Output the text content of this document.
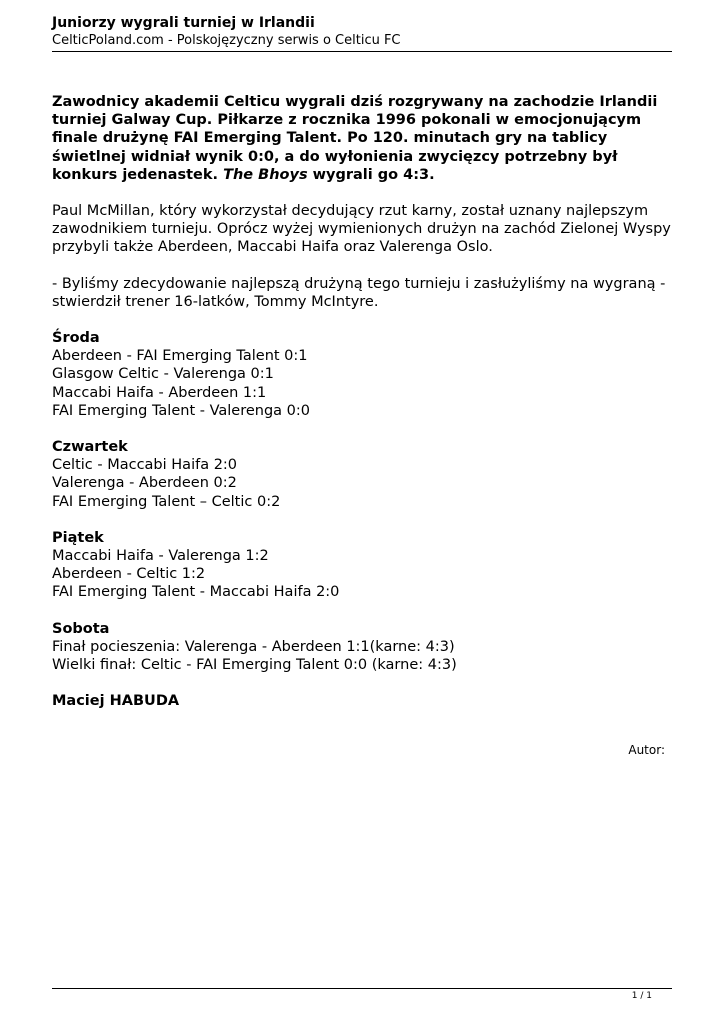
Juniorzy wygrali turniej w Irlandii
CelticPoland.com - Polskojęzyczny serwis o Celticu FC

Zawodnicy akademii Celticu wygrali dziś rozgrywany na zachodzie Irlandii turniej Galway Cup. Piłkarze z rocznika 1996 pokonali w emocjonującym finale drużynę FAI Emerging Talent. Po 120. minutach gry na tablicy świetlnej widniał wynik 0:0, a do wyłonienia zwycięzcy potrzebny był konkurs jedenastek. The Bhoys wygrali go 4:3.

Paul McMillan, który wykorzystał decydujący rzut karny, został uznany najlepszym zawodnikiem turnieju. Oprócz wyżej wymienionych drużyn na zachód Zielonej Wyspy przybyli także Aberdeen, Maccabi Haifa oraz Valerenga Oslo.

- Byliśmy zdecydowanie najlepszą drużyną tego turnieju i zasłużyliśmy na wygraną - stwierdził trener 16-latków, Tommy McIntyre.

Środa
Aberdeen - FAI Emerging Talent 0:1
Glasgow Celtic - Valerenga 0:1
Maccabi Haifa - Aberdeen 1:1
FAI Emerging Talent - Valerenga 0:0
Czwartek
Celtic - Maccabi Haifa 2:0
Valerenga - Aberdeen 0:2
FAI Emerging Talent – Celtic 0:2
Piątek
Maccabi Haifa - Valerenga 1:2
Aberdeen - Celtic 1:2
FAI Emerging Talent - Maccabi Haifa 2:0
Sobota
Finał pocieszenia: Valerenga - Aberdeen 1:1(karne: 4:3)
Wielki finał: Celtic - FAI Emerging Talent 0:0 (karne: 4:3)
Maciej HABUDA
Autor:
1 / 1
